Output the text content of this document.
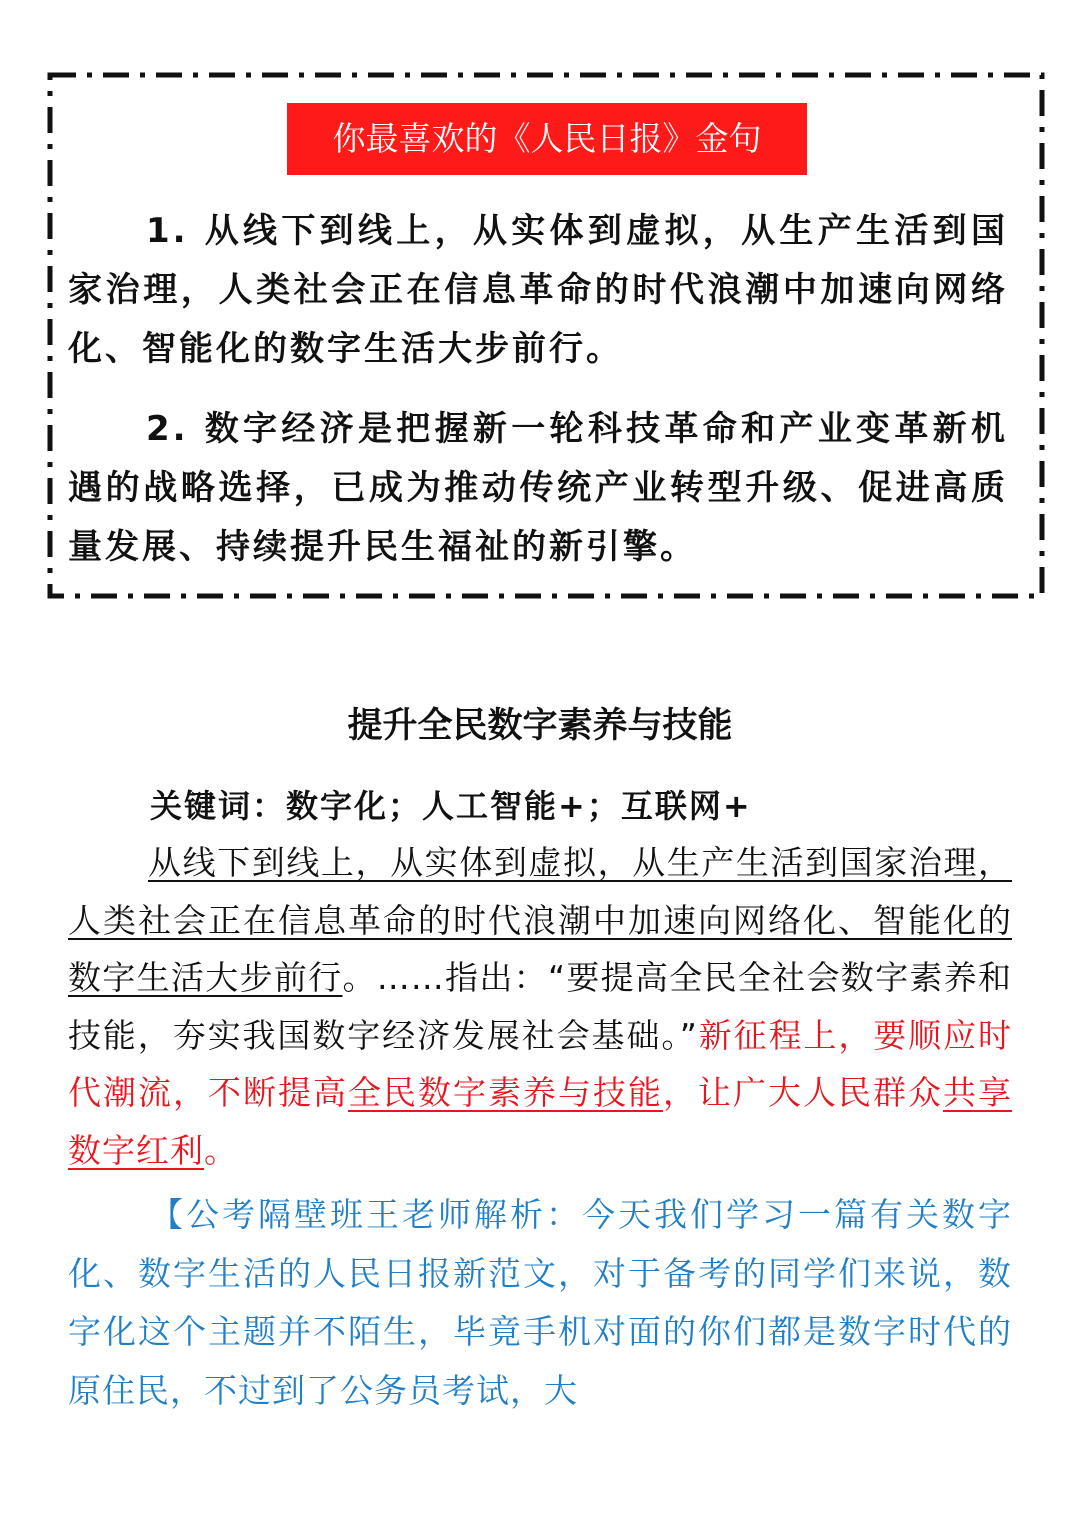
你最喜欢的《人民日报》金句
1. 从线下到线上，从实体到虚拟，从生产生活到国家治理，人类社会正在信息革命的时代浪潮中加速向网络化、智能化的数字生活大步前行。
2. 数字经济是把握新一轮科技革命和产业变革新机遇的战略选择，已成为推动传统产业转型升级、促进高质量发展、持续提升民生福祉的新引擎。
提升全民数字素养与技能
关键词：数字化；人工智能+；互联网+
从线下到线上，从实体到虚拟，从生产生活到国家治理，人类社会正在信息革命的时代浪潮中加速向网络化、智能化的数字生活大步前行。……指出：“要提高全民全社会数字素养和技能，夯实我国数字经济发展社会基础。”新征程上，要顺应时代潮流，不断提高全民数字素养与技能，让广大人民群众共享数字红利。
【公考隔壁班王老师解析：今天我们学习一篇有关数字化、数字生活的人民日报新范文，对于备考的同学们来说，数字化这个主题并不陌生，毕竟手机对面的你们都是数字时代的原住民，不过到了公务员考试，大
